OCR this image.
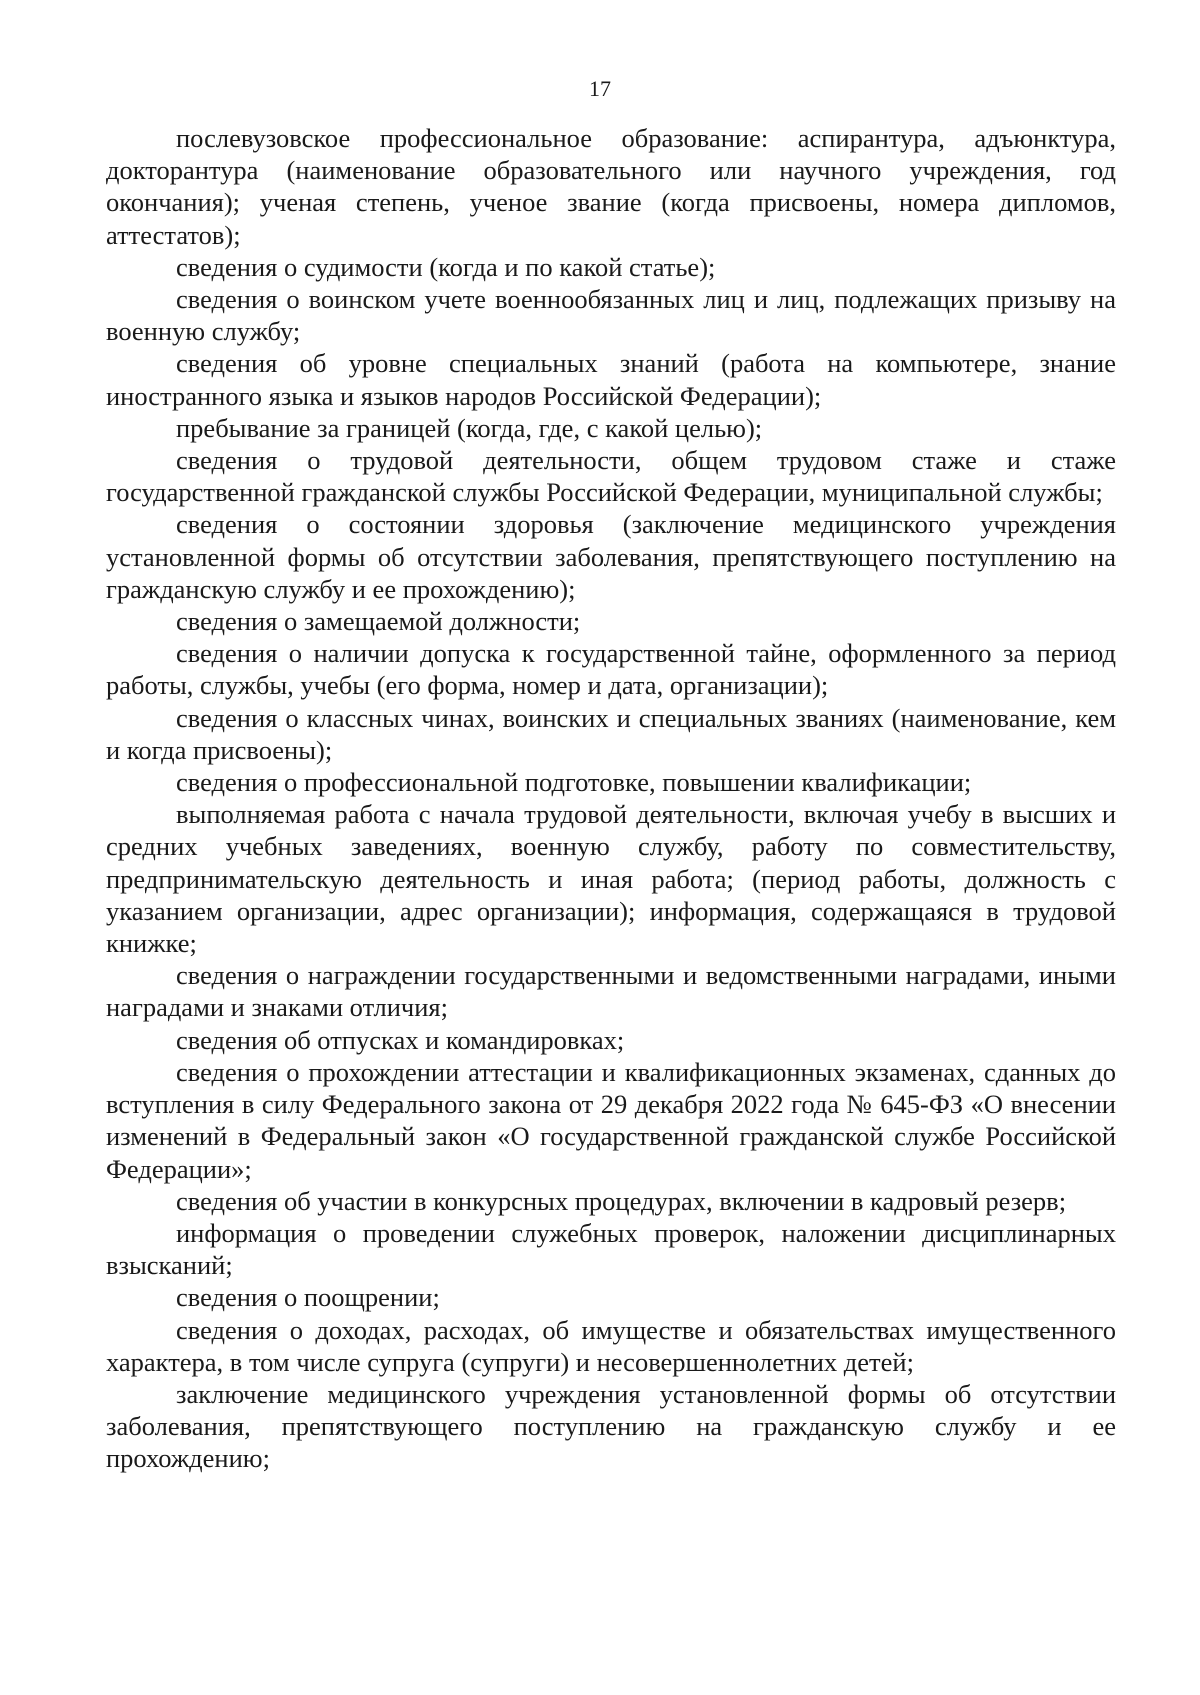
17

послевузовское профессиональное образование: аспирантура, адъюнктура, докторантура (наименование образовательного или научного учреждения, год окончания); ученая степень, ученое звание (когда присвоены, номера дипломов, аттестатов);

сведения о судимости (когда и по какой статье);

сведения о воинском учете военнообязанных лиц и лиц, подлежащих призыву на военную службу;

сведения об уровне специальных знаний (работа на компьютере, знание иностранного языка и языков народов Российской Федерации);

пребывание за границей (когда, где, с какой целью);

сведения о трудовой деятельности, общем трудовом стаже и стаже государственной гражданской службы Российской Федерации, муниципальной службы;

сведения о состоянии здоровья (заключение медицинского учреждения установленной формы об отсутствии заболевания, препятствующего поступлению на гражданскую службу и ее прохождению);

сведения о замещаемой должности;

сведения о наличии допуска к государственной тайне, оформленного за период работы, службы, учебы (его форма, номер и дата, организации);

сведения о классных чинах, воинских и специальных званиях (наименование, кем и когда присвоены);

сведения о профессиональной подготовке, повышении квалификации;

выполняемая работа с начала трудовой деятельности, включая учебу в высших и средних учебных заведениях, военную службу, работу по совместительству, предпринимательскую деятельность и иная работа; (период работы, должность с указанием организации, адрес организации); информация, содержащаяся в трудовой книжке;

сведения о награждении государственными и ведомственными наградами, иными наградами и знаками отличия;

сведения об отпусках и командировках;

сведения о прохождении аттестации и квалификационных экзаменах, сданных до вступления в силу Федерального закона от 29 декабря 2022 года № 645-ФЗ «О внесении изменений в Федеральный закон «О государственной гражданской службе Российской Федерации»;

сведения об участии в конкурсных процедурах, включении в кадровый резерв;

информация о проведении служебных проверок, наложении дисциплинарных взысканий;

сведения о поощрении;

сведения о доходах, расходах, об имуществе и обязательствах имущественного характера, в том числе супруга (супруги) и несовершеннолетних детей;

заключение медицинского учреждения установленной формы об отсутствии заболевания, препятствующего поступлению на гражданскую службу и ее прохождению;
